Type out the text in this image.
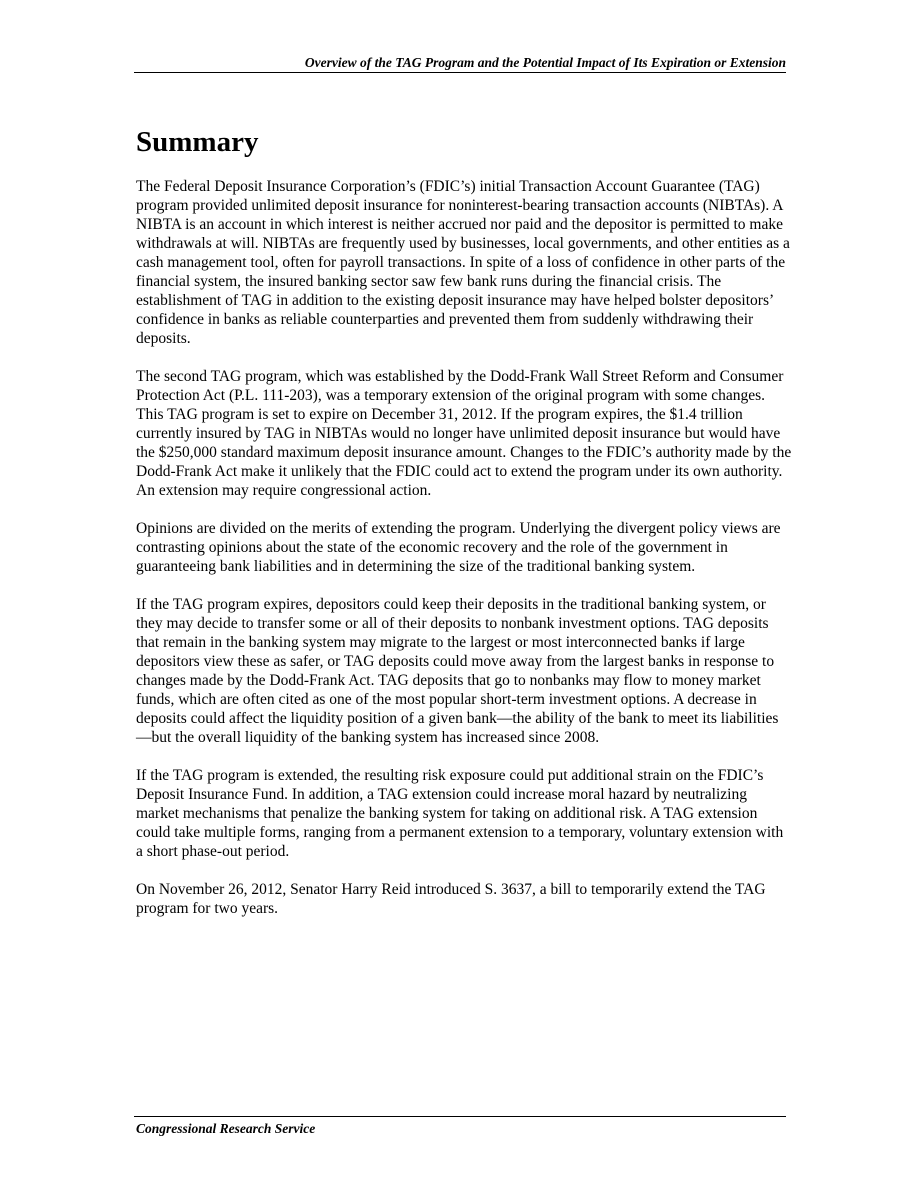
Overview of the TAG Program and the Potential Impact of Its Expiration or Extension
Summary

The Federal Deposit Insurance Corporation’s (FDIC’s) initial Transaction Account Guarantee (TAG) program provided unlimited deposit insurance for noninterest-bearing transaction accounts (NIBTAs). A NIBTA is an account in which interest is neither accrued nor paid and the depositor is permitted to make withdrawals at will. NIBTAs are frequently used by businesses, local governments, and other entities as a cash management tool, often for payroll transactions. In spite of a loss of confidence in other parts of the financial system, the insured banking sector saw few bank runs during the financial crisis. The establishment of TAG in addition to the existing deposit insurance may have helped bolster depositors’ confidence in banks as reliable counterparties and prevented them from suddenly withdrawing their deposits.

The second TAG program, which was established by the Dodd-Frank Wall Street Reform and Consumer Protection Act (P.L. 111-203), was a temporary extension of the original program with some changes. This TAG program is set to expire on December 31, 2012. If the program expires, the $1.4 trillion currently insured by TAG in NIBTAs would no longer have unlimited deposit insurance but would have the $250,000 standard maximum deposit insurance amount. Changes to the FDIC’s authority made by the Dodd-Frank Act make it unlikely that the FDIC could act to extend the program under its own authority. An extension may require congressional action.

Opinions are divided on the merits of extending the program. Underlying the divergent policy views are contrasting opinions about the state of the economic recovery and the role of the government in guaranteeing bank liabilities and in determining the size of the traditional banking system.

If the TAG program expires, depositors could keep their deposits in the traditional banking system, or they may decide to transfer some or all of their deposits to nonbank investment options. TAG deposits that remain in the banking system may migrate to the largest or most interconnected banks if large depositors view these as safer, or TAG deposits could move away from the largest banks in response to changes made by the Dodd-Frank Act. TAG deposits that go to nonbanks may flow to money market funds, which are often cited as one of the most popular short-term investment options. A decrease in deposits could affect the liquidity position of a given bank—the ability of the bank to meet its liabilities—but the overall liquidity of the banking system has increased since 2008.

If the TAG program is extended, the resulting risk exposure could put additional strain on the FDIC’s Deposit Insurance Fund. In addition, a TAG extension could increase moral hazard by neutralizing market mechanisms that penalize the banking system for taking on additional risk. A TAG extension could take multiple forms, ranging from a permanent extension to a temporary, voluntary extension with a short phase-out period.

On November 26, 2012, Senator Harry Reid introduced S. 3637, a bill to temporarily extend the TAG program for two years.

Congressional Research Service
